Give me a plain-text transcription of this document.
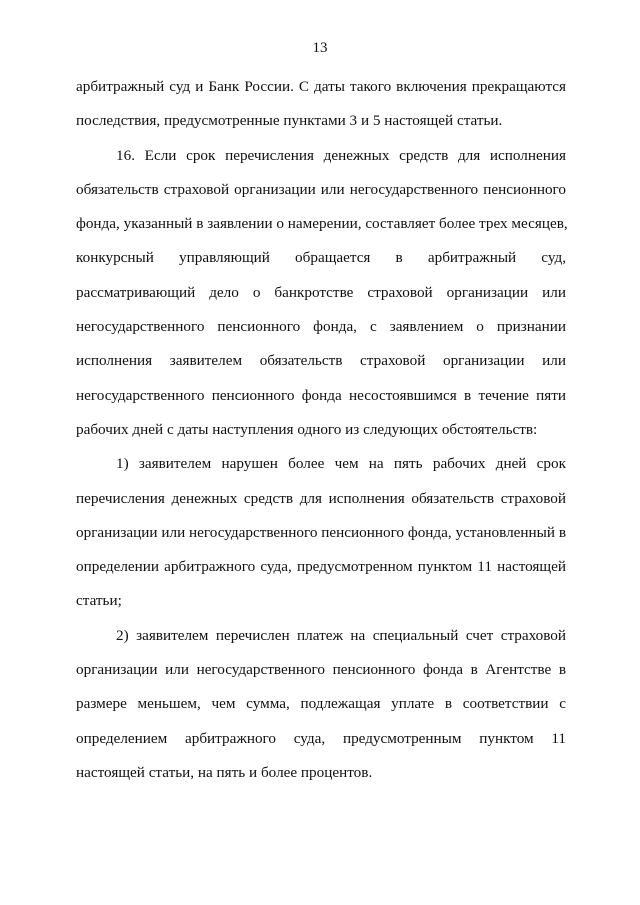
13
арбитражный суд и Банк России. С даты такого включения прекращаются
последствия, предусмотренные пунктами 3 и 5 настоящей статьи.
16. Если срок перечисления денежных средств для исполнения
обязательств страховой организации или негосударственного пенсионного
фонда, указанный в заявлении о намерении, составляет более трех месяцев,
конкурсный управляющий обращается в арбитражный суд,
рассматривающий дело о банкротстве страховой организации или
негосударственного пенсионного фонда, с заявлением о признании
исполнения заявителем обязательств страховой организации или
негосударственного пенсионного фонда несостоявшимся в течение пяти
рабочих дней с даты наступления одного из следующих обстоятельств:
1) заявителем нарушен более чем на пять рабочих дней срок
перечисления денежных средств для исполнения обязательств страховой
организации или негосударственного пенсионного фонда, установленный в
определении арбитражного суда, предусмотренном пунктом 11 настоящей
статьи;
2) заявителем перечислен платеж на специальный счет страховой
организации или негосударственного пенсионного фонда в Агентстве в
размере меньшем, чем сумма, подлежащая уплате в соответствии с
определением арбитражного суда, предусмотренным пунктом 11
настоящей статьи, на пять и более процентов.
